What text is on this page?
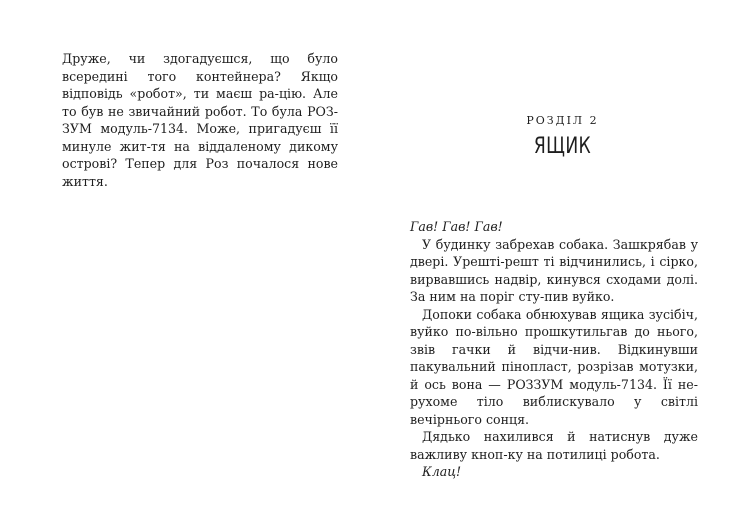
Друже, чи здогадуєшся, що було всередині того контейнера? Якщо відповідь «робот», ти маєш ра-цію. Але то був не звичайний робот. То була РОЗ-ЗУМ модуль-7134. Може, пригадуєш її минуле жит-тя на віддаленому дикому острові? Тепер для Роз почалося нове життя.

РОЗДІЛ 2

ЯЩИК

Гав! Гав! Гав!

У будинку забрехав собака. Зашкрябав у двері. Урешті-решт ті відчинились, і сірко, вирвавшись надвір, кинувся сходами долі. За ним на поріг сту-пив вуйко.

Допоки собака обнюхував ящика зусібіч, вуйко по-вільно прошкутильгав до нього, звів гачки й відчи-нив. Відкинувши пакувальний пінопласт, розрізав мотузки, й ось вона — РОЗЗУМ модуль-7134. Її не-рухоме тіло виблискувало у світлі вечірнього сонця.

Дядько нахилився й натиснув дуже важливу кноп-ку на потилиці робота.

Клац!
